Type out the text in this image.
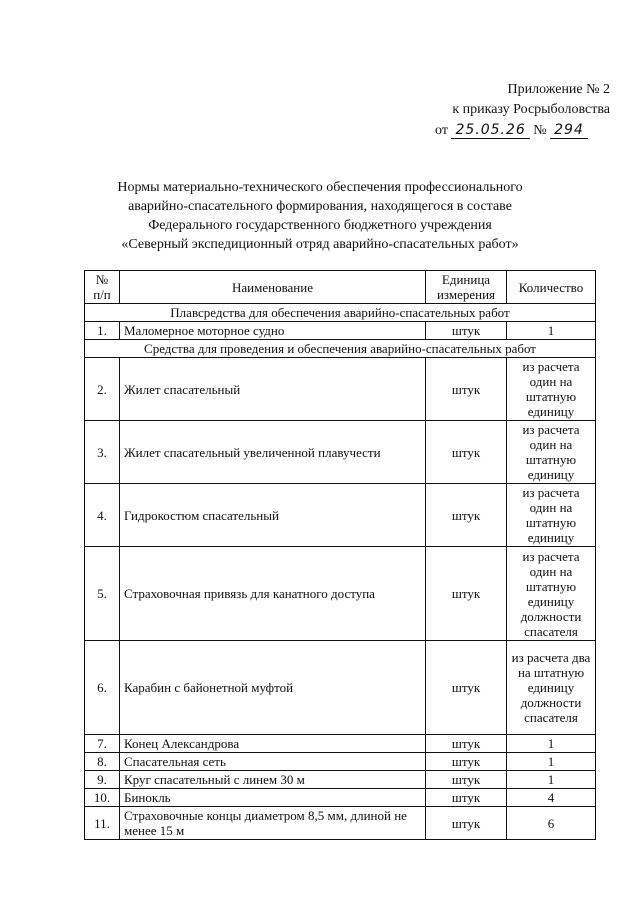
Приложение № 2
к приказу Росрыболовства
от 25.05.26 № 294
Нормы материально-технического обеспечения профессионального
аварийно-спасательного формирования, находящегося в составе
Федерального государственного бюджетного учреждения
«Северный экспедиционный отряд аварийно-спасательных работ»
№ п/п	Наименование	Единица измерения	Количество
Плавсредства для обеспечения аварийно-спасательных работ			
1.	Маломерное моторное судно	штук	1
Средства для проведения и обеспечения аварийно-спасательных работ			
2.	Жилет спасательный	штук	из расчета один на штатную единицу
3.	Жилет спасательный увеличенной плавучести	штук	из расчета один на штатную единицу
4.	Гидрокостюм спасательный	штук	из расчета один на штатную единицу
5.	Страховочная привязь для канатного доступа	штук	из расчета один на штатную единицу должности спасателя
6.	Карабин с байонетной муфтой	штук	из расчета два на штатную единицу должности спасателя
7.	Конец Александрова	штук	1
8.	Спасательная сеть	штук	1
9.	Круг спасательный с линем 30 м	штук	1
10.	Бинокль	штук	4
11.	Страховочные концы диаметром 8,5 мм, длиной не менее 15 м	штук	6
